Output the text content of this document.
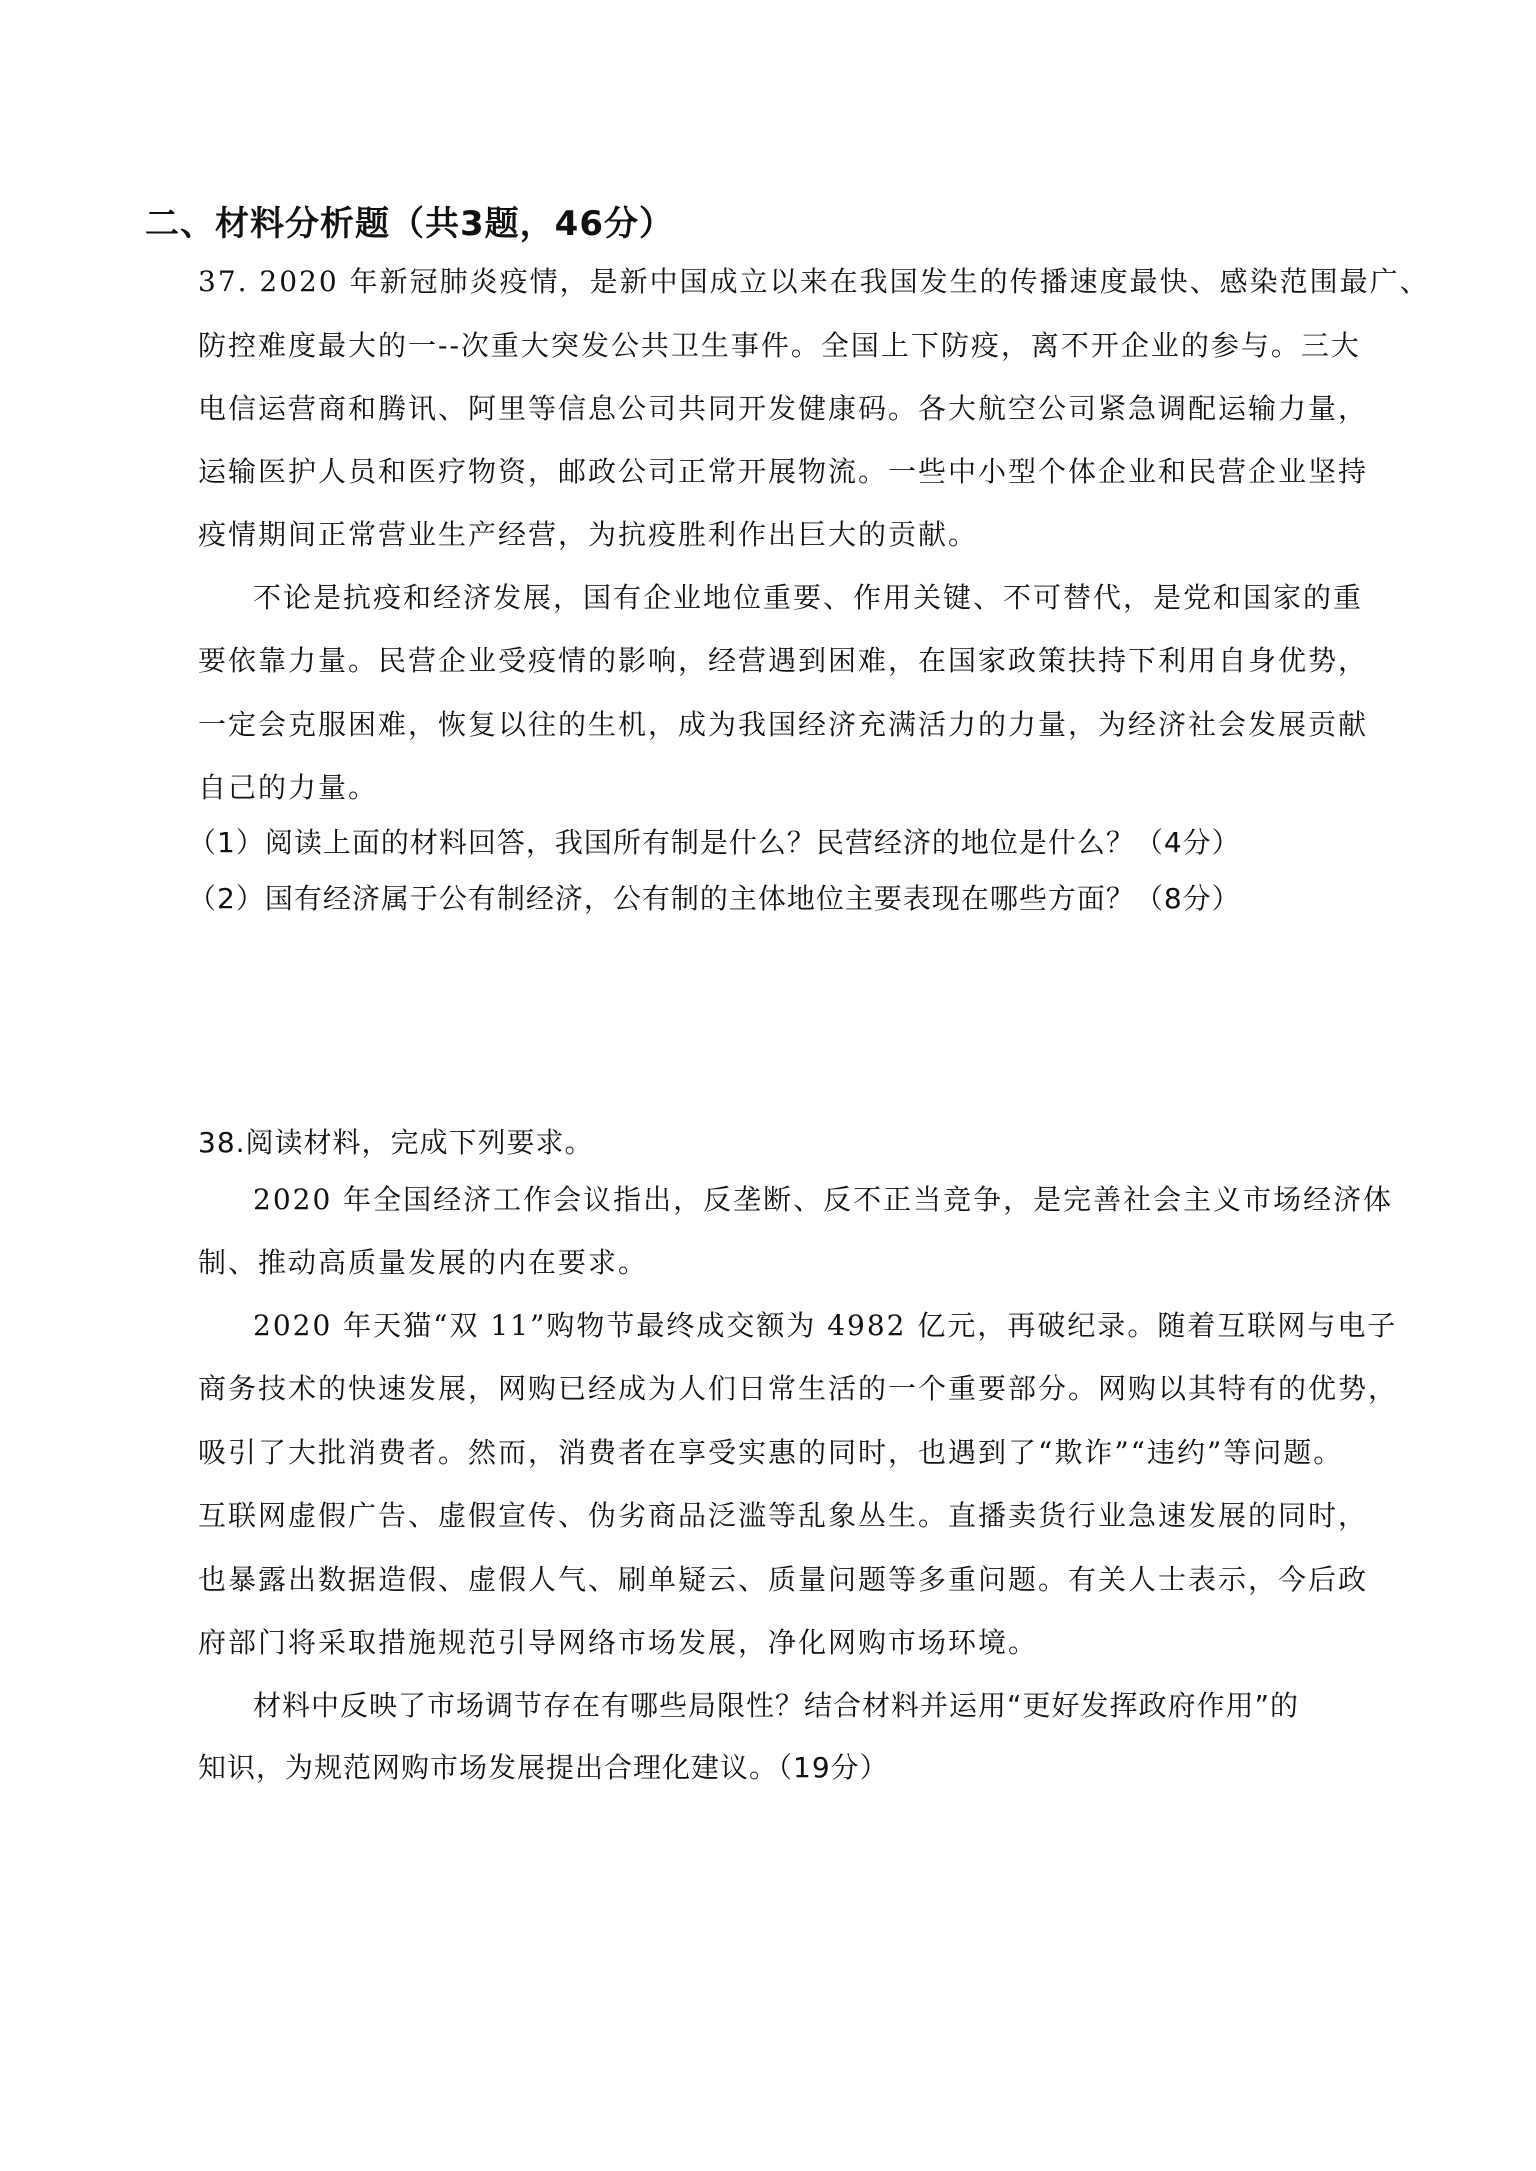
二、材料分析题（共3题，46分）
37. 2020 年新冠肺炎疫情，是新中国成立以来在我国发生的传播速度最快、感染范围最广、
防控难度最大的一--次重大突发公共卫生事件。全国上下防疫，离不开企业的参与。三大
电信运营商和腾讯、阿里等信息公司共同开发健康码。各大航空公司紧急调配运输力量，
运输医护人员和医疗物资，邮政公司正常开展物流。一些中小型个体企业和民营企业坚持
疫情期间正常营业生产经营，为抗疫胜利作出巨大的贡献。
不论是抗疫和经济发展，国有企业地位重要、作用关键、不可替代，是党和国家的重
要依靠力量。民营企业受疫情的影响，经营遇到困难，在国家政策扶持下利用自身优势，
一定会克服困难，恢复以往的生机，成为我国经济充满活力的力量，为经济社会发展贡献
自己的力量。
（1）阅读上面的材料回答，我国所有制是什么？民营经济的地位是什么？（4分）
（2）国有经济属于公有制经济，公有制的主体地位主要表现在哪些方面？（8分）
38.阅读材料，完成下列要求。
2020 年全国经济工作会议指出，反垄断、反不正当竞争，是完善社会主义市场经济体
制、推动高质量发展的内在要求。
2020 年天猫“双 11”购物节最终成交额为 4982 亿元，再破纪录。随着互联网与电子
商务技术的快速发展，网购已经成为人们日常生活的一个重要部分。网购以其特有的优势，
吸引了大批消费者。然而，消费者在享受实惠的同时，也遇到了“欺诈”“违约”等问题。
互联网虚假广告、虚假宣传、伪劣商品泛滥等乱象丛生。直播卖货行业急速发展的同时，
也暴露出数据造假、虚假人气、刷单疑云、质量问题等多重问题。有关人士表示，今后政
府部门将采取措施规范引导网络市场发展，净化网购市场环境。
材料中反映了市场调节存在有哪些局限性？结合材料并运用“更好发挥政府作用”的
知识，为规范网购市场发展提出合理化建议。（19分）
